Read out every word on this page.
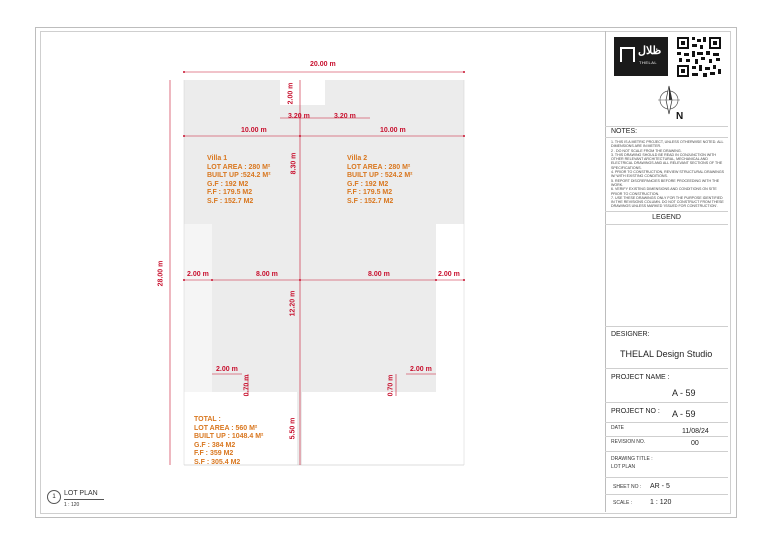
20.00 m
28.00 m
2.00 m
3.20 m	3.20 m
10.00 m	10.00 m
8.30 m
2.00 m	8.00 m	8.00 m	2.00 m
12.20 m
2.00 m	2.00 m
0.70 m	0.70 m
5.50 m
Villa 1
LOT AREA : 280 M²
BUILT UP :524.2 M²
G.F : 192 M2
F.F : 179.5 M2
S.F : 152.7 M2
Villa 2
LOT AREA : 280 M²
BUILT UP : 524.2 M²
G.F : 192 M2
F.F : 179.5 M2
S.F : 152.7 M2
TOTAL :
LOT AREA : 560 M²
BUILT UP : 1048.4 M²
G.F : 384 M2
F.F : 359 M2
S.F : 305.4 M2
1	LOT PLAN
1 : 120
ظلال
THELAL
N
NOTES:
1. THIS IS A METRIC PROJECT, UNLESS OTHERWISE NOTED. ALL DIMENSIONS ARE IN METER.
2 . DO NOT SCALE FROM THE DRAWING.
3. THIS DRAWING SHOULD BE READ IN CONJUNCTION WITH OTHER RELEVANT ARCHITECTURAL, MECHANICAL AND ELECTRICAL DRAWINGS AND ALL RELEVANT SECTIONS OF THE SPECIFICATIONS.
4. PRIOR TO CONSTRUCTION, REVIEW STRUCTURAL DRAWINGS W/ WITH EXISTING CONDITIONS.
5. REPORT DISCREPANCIES BEFORE PROCEEDING WITH THE WORK.
6. VERIFY EXISTING DIMENSIONS AND CONDITIONS ON SITE PRIOR TO CONSTRUCTION.
7. USE THESE DRAWINGS ONLY FOR THE PURPOSE IDENTIFIED IN THE REVISIONS COLUMN. DO NOT CONSTRUCT FROM THESE DRAWINGS UNLESS MARKED 'ISSUED FOR CONSTRUCTION'.
LEGEND
DESIGNER:
THELAL Design Studio
PROJECT NAME :
A - 59
PROJECT NO : A - 59
DATE	11/08/24
REVISION NO.	00
DRAWING TITLE :
LOT PLAN
SHEET NO : AR - 5
SCALE :	1 : 120
